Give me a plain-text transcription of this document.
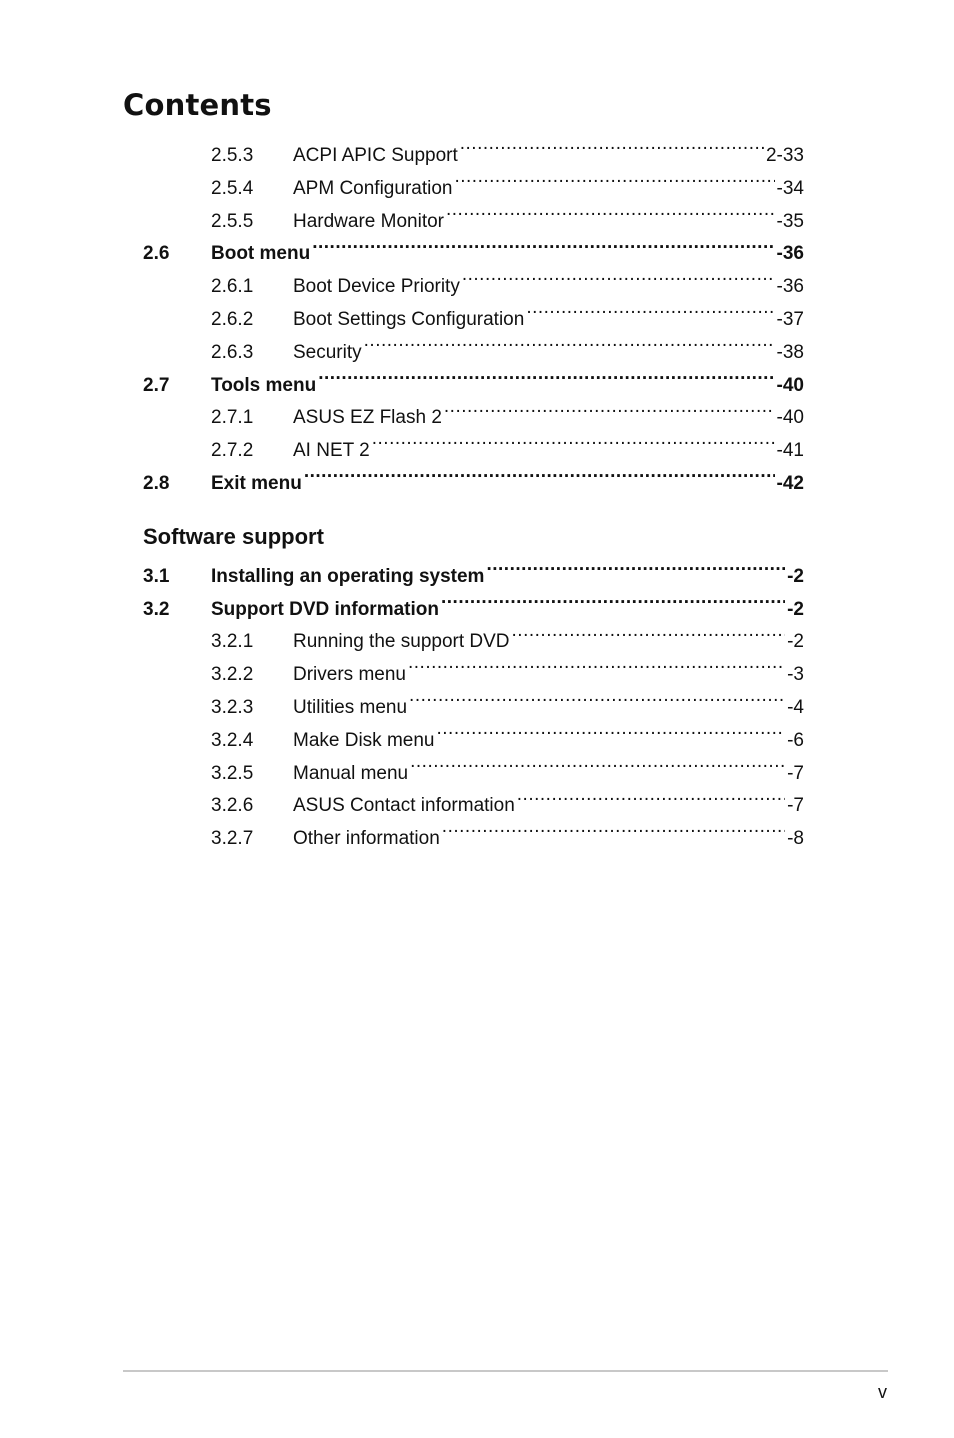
Contents
2.5.3	ACPI APIC Support .....	2-33
2.5.4	APM Configuration .....	-34
2.5.5	Hardware Monitor .....	-35
2.6	Boot menu .....	-36
2.6.1	Boot Device Priority .....	-36
2.6.2	Boot Settings Configuration .....	-37
2.6.3	Security .....	-38
2.7	Tools menu .....	-40
2.7.1	ASUS EZ Flash 2 .....	-40
2.7.2	AI NET 2 .....	-41
2.8	Exit menu .....	-42
Software support
3.1	Installing an operating system .....	-2
3.2	Support DVD information .....	-2
3.2.1	Running the support DVD .....	-2
3.2.2	Drivers menu .....	-3
3.2.3	Utilities menu .....	-4
3.2.4	Make Disk menu .....	-6
3.2.5	Manual menu .....	-7
3.2.6	ASUS Contact information .....	-7
3.2.7	Other information .....	-8
v
